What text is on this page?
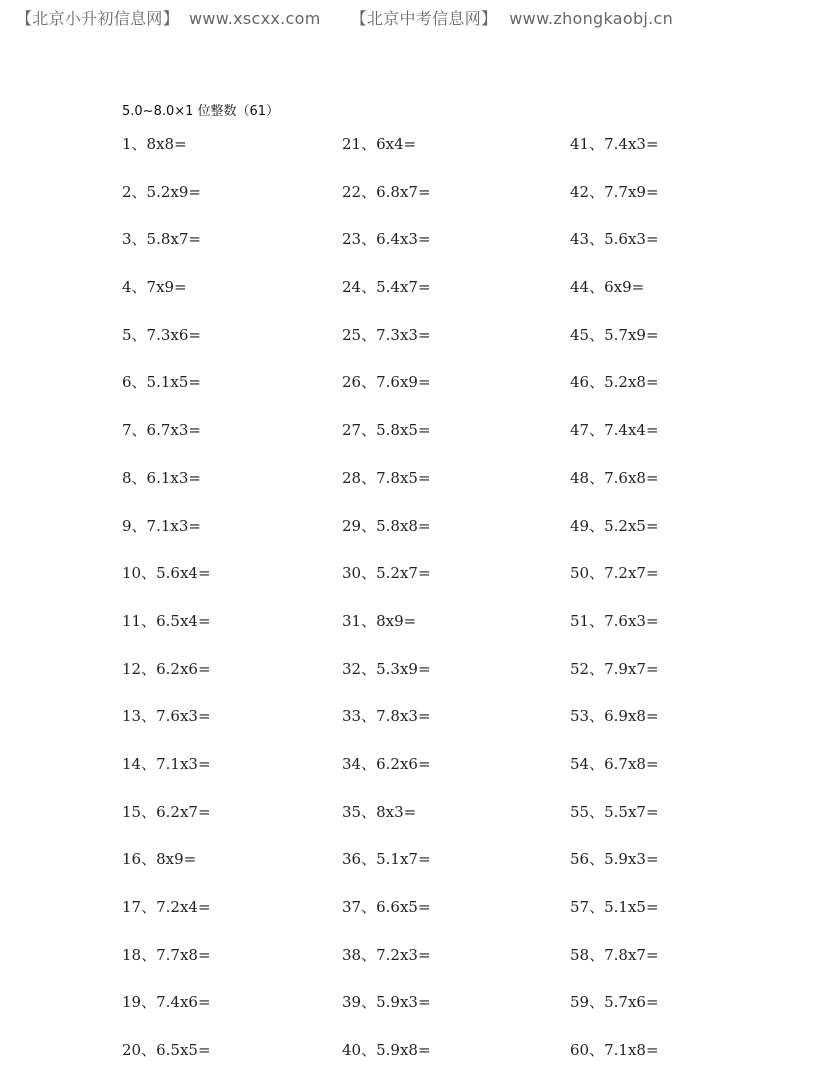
【北京小升初信息网】 www.xscxx.com 【北京中考信息网】 www.zhongkaobj.cn
5.0~8.0×1 位整数（61）
1、8x8=
2、5.2x9=
3、5.8x7=
4、7x9=
5、7.3x6=
6、5.1x5=
7、6.7x3=
8、6.1x3=
9、7.1x3=
10、5.6x4=
11、6.5x4=
12、6.2x6=
13、7.6x3=
14、7.1x3=
15、6.2x7=
16、8x9=
17、7.2x4=
18、7.7x8=
19、7.4x6=
20、6.5x5=
21、6x4=
22、6.8x7=
23、6.4x3=
24、5.4x7=
25、7.3x3=
26、7.6x9=
27、5.8x5=
28、7.8x5=
29、5.8x8=
30、5.2x7=
31、8x9=
32、5.3x9=
33、7.8x3=
34、6.2x6=
35、8x3=
36、5.1x7=
37、6.6x5=
38、7.2x3=
39、5.9x3=
40、5.9x8=
41、7.4x3=
42、7.7x9=
43、5.6x3=
44、6x9=
45、5.7x9=
46、5.2x8=
47、7.4x4=
48、7.6x8=
49、5.2x5=
50、7.2x7=
51、7.6x3=
52、7.9x7=
53、6.9x8=
54、6.7x8=
55、5.5x7=
56、5.9x3=
57、5.1x5=
58、7.8x7=
59、5.7x6=
60、7.1x8=
